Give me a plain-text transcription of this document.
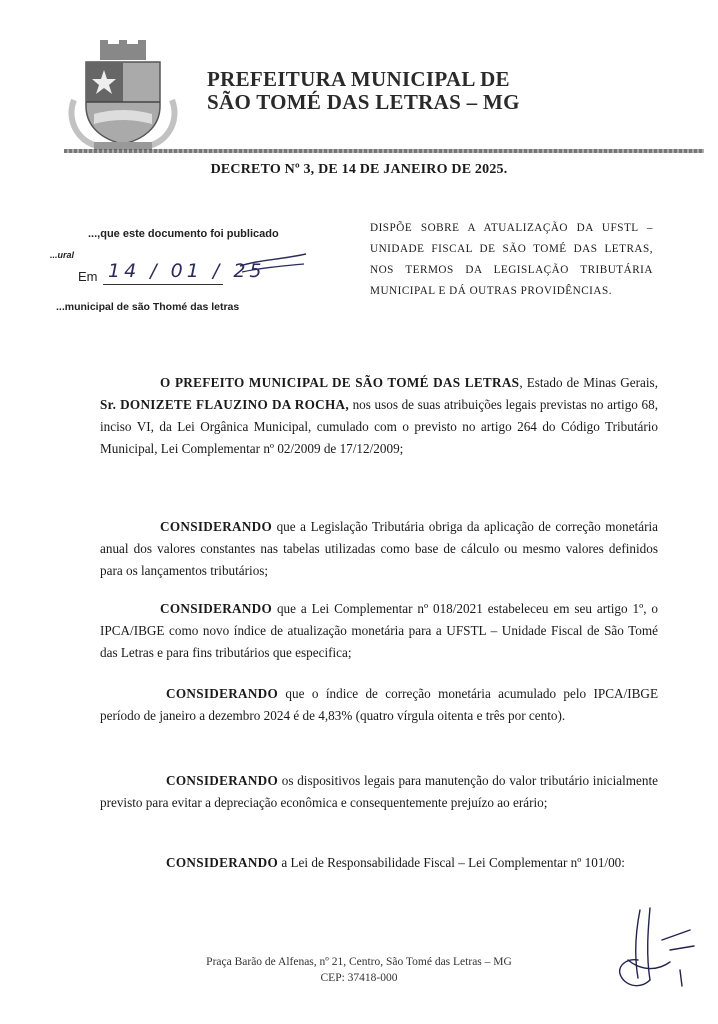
PREFEITURA MUNICIPAL DE
SÃO TOMÉ DAS LETRAS – MG
DECRETO Nº 3, DE 14 DE JANEIRO DE 2025.
...,que este documento foi publicado
...ural
Em 14 / 01 / 25
...municipal de são Thomé das letras
DISPÕE SOBRE A ATUALIZAÇÃO DA UFSTL – UNIDADE FISCAL DE SÃO TOMÉ DAS LETRAS, NOS TERMOS DA LEGISLAÇÃO TRIBUTÁRIA MUNICIPAL E DÁ OUTRAS PROVIDÊNCIAS.
O PREFEITO MUNICIPAL DE SÃO TOMÉ DAS LETRAS, Estado de Minas Gerais, Sr. DONIZETE FLAUZINO DA ROCHA, nos usos de suas atribuições legais previstas no artigo 68, inciso VI, da Lei Orgânica Municipal, cumulado com o previsto no artigo 264 do Código Tributário Municipal, Lei Complementar nº 02/2009 de 17/12/2009;
CONSIDERANDO que a Legislação Tributária obriga da aplicação de correção monetária anual dos valores constantes nas tabelas utilizadas como base de cálculo ou mesmo valores definidos para os lançamentos tributários;
CONSIDERANDO que a Lei Complementar nº 018/2021 estabeleceu em seu artigo 1º, o IPCA/IBGE como novo índice de atualização monetária para a UFSTL – Unidade Fiscal de São Tomé das Letras e para fins tributários que especifica;
CONSIDERANDO que o índice de correção monetária acumulado pelo IPCA/IBGE período de janeiro a dezembro 2024 é de 4,83% (quatro vírgula oitenta e três por cento).
CONSIDERANDO os dispositivos legais para manutenção do valor tributário inicialmente previsto para evitar a depreciação econômica e consequentemente prejuízo ao erário;
CONSIDERANDO a Lei de Responsabilidade Fiscal – Lei Complementar nº 101/00:
Praça Barão de Alfenas, nº 21, Centro, São Tomé das Letras – MG
CEP: 37418-000
